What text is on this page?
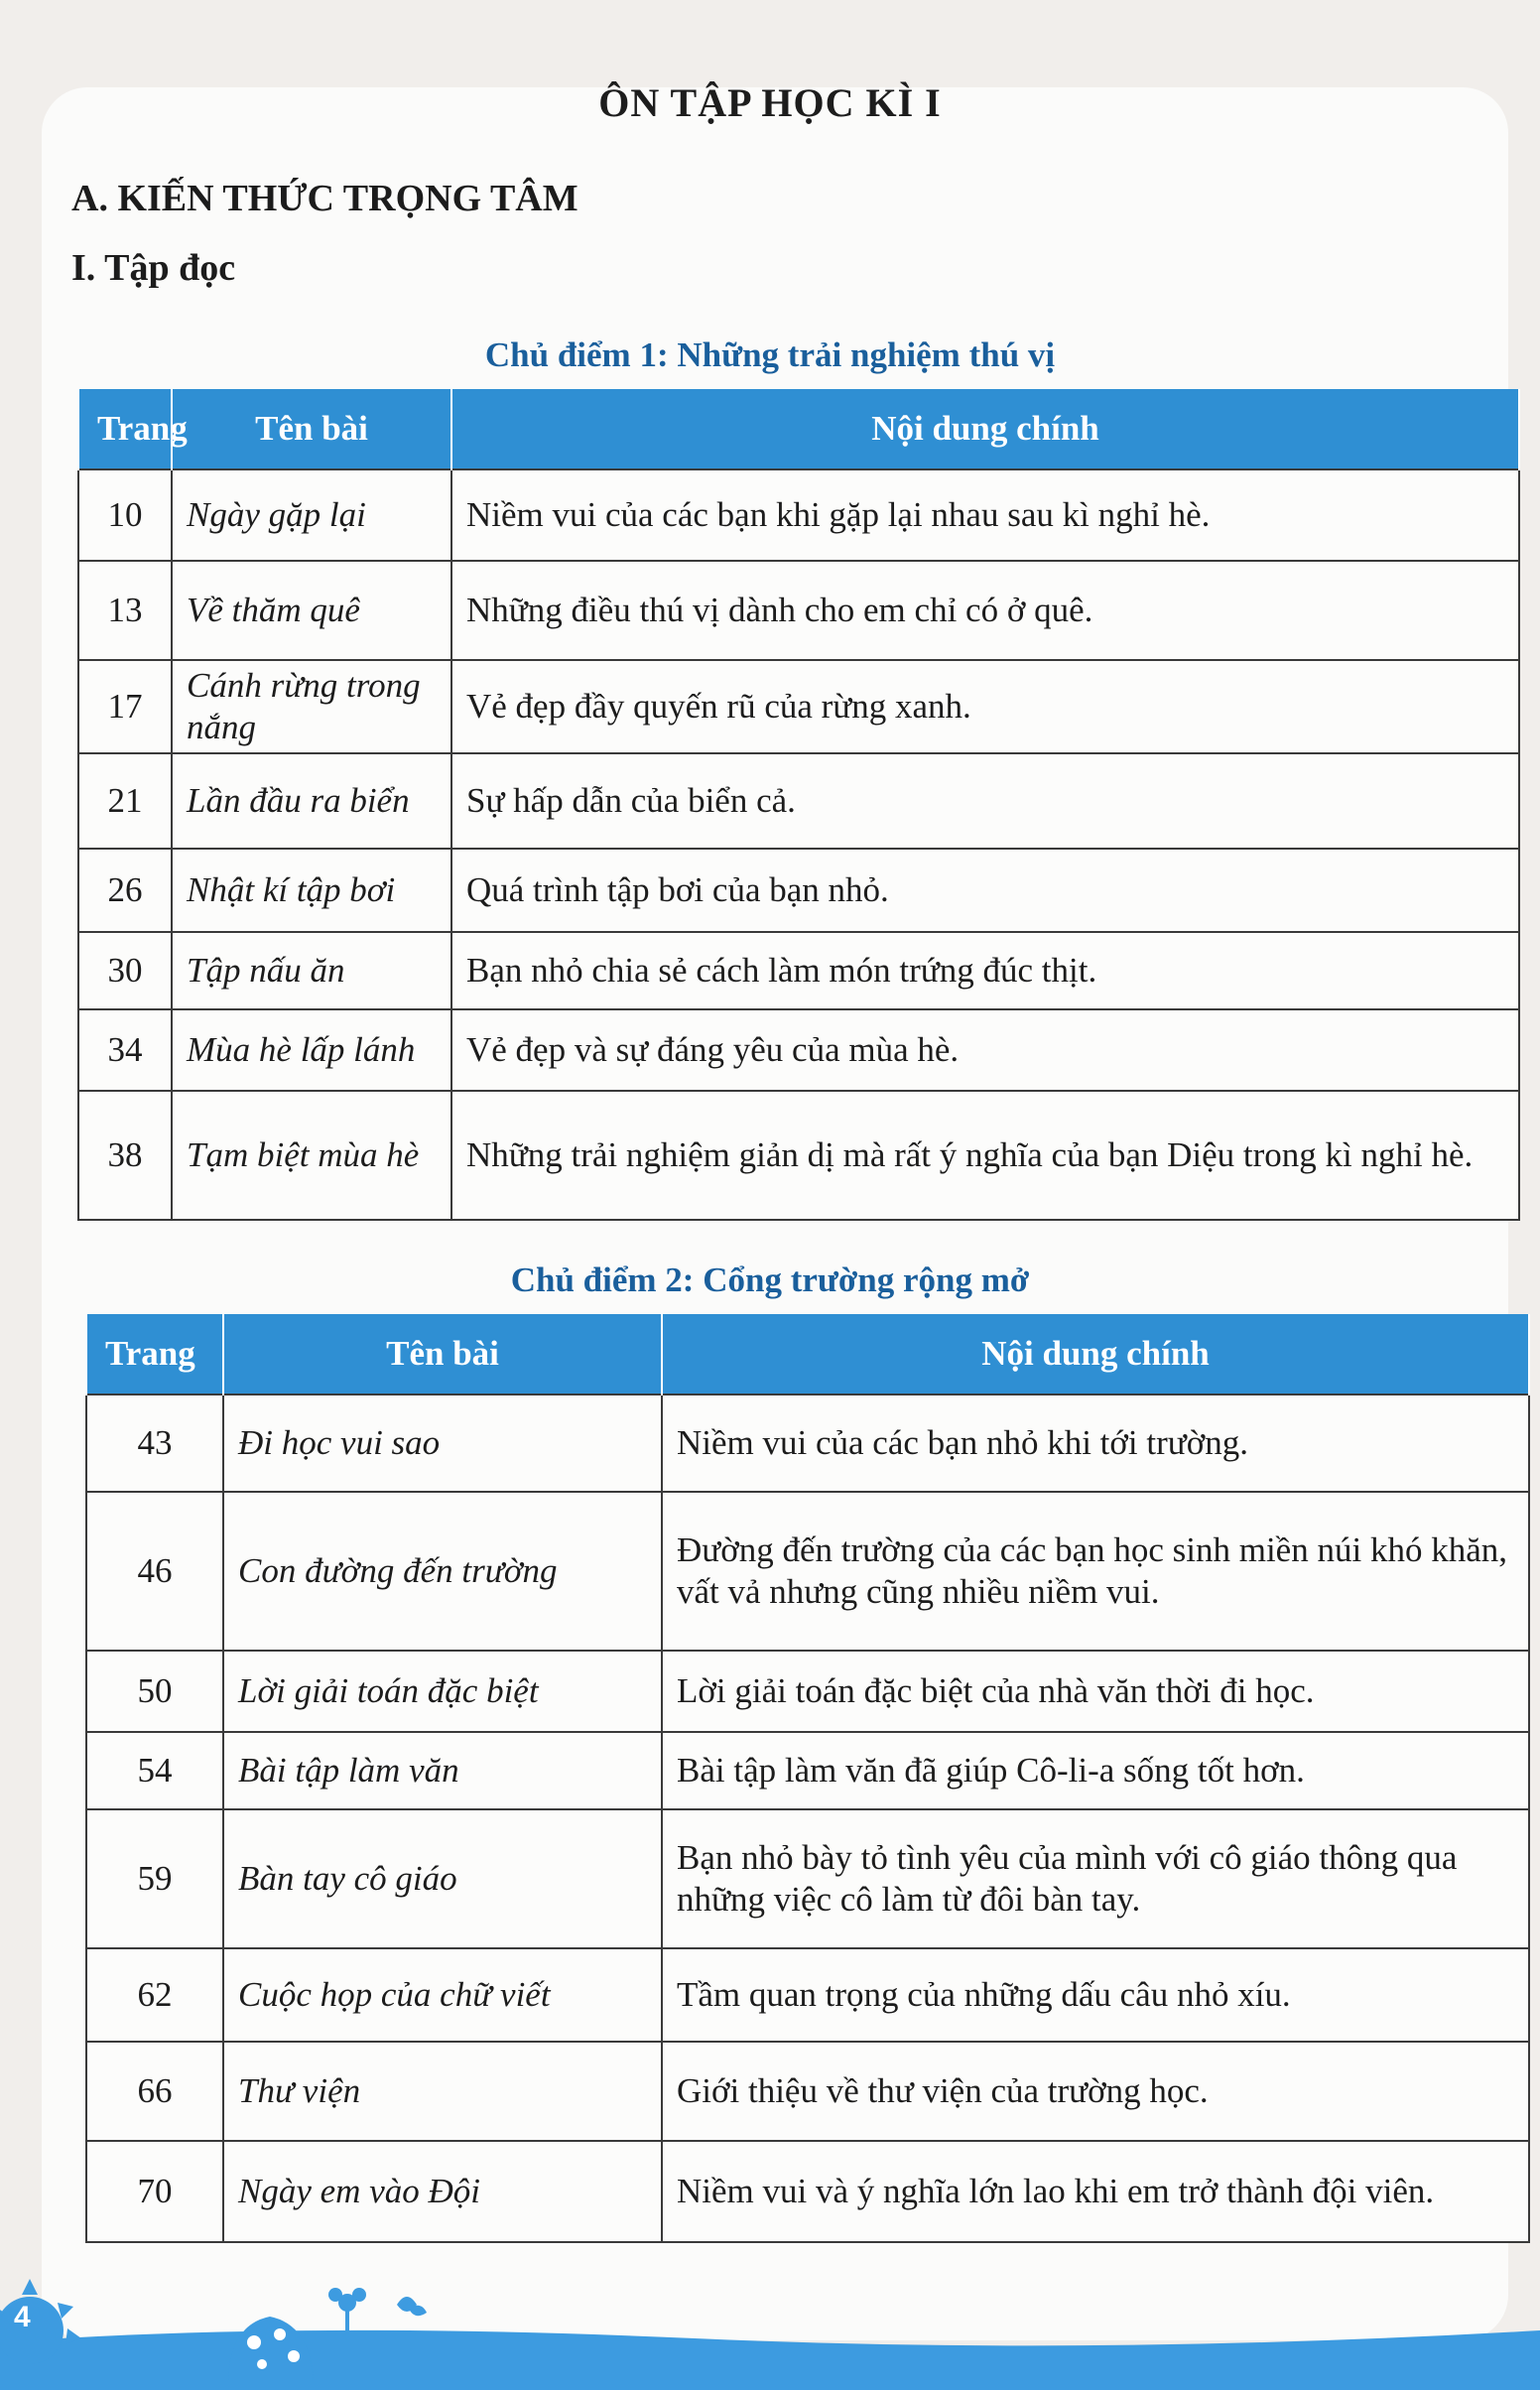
ÔN TẬP HỌC KÌ I
A. KIẾN THỨC TRỌNG TÂM
I. Tập đọc
Chủ điểm 1: Những trải nghiệm thú vị
Trang	Tên bài	Nội dung chính
10	Ngày gặp lại	Niềm vui của các bạn khi gặp lại nhau sau kì nghỉ hè.
13	Về thăm quê	Những điều thú vị dành cho em chỉ có ở quê.
17	Cánh rừng trong nắng	Vẻ đẹp đầy quyến rũ của rừng xanh.
21	Lần đầu ra biển	Sự hấp dẫn của biển cả.
26	Nhật kí tập bơi	Quá trình tập bơi của bạn nhỏ.
30	Tập nấu ăn	Bạn nhỏ chia sẻ cách làm món trứng đúc thịt.
34	Mùa hè lấp lánh	Vẻ đẹp và sự đáng yêu của mùa hè.
38	Tạm biệt mùa hè	Những trải nghiệm giản dị mà rất ý nghĩa của bạn Diệu trong kì nghỉ hè.
Chủ điểm 2: Cổng trường rộng mở
Trang	Tên bài	Nội dung chính
43	Đi học vui sao	Niềm vui của các bạn nhỏ khi tới trường.
46	Con đường đến trường	Đường đến trường của các bạn học sinh miền núi khó khăn, vất vả nhưng cũng nhiều niềm vui.
50	Lời giải toán đặc biệt	Lời giải toán đặc biệt của nhà văn thời đi học.
54	Bài tập làm văn	Bài tập làm văn đã giúp Cô-li-a sống tốt hơn.
59	Bàn tay cô giáo	Bạn nhỏ bày tỏ tình yêu của mình với cô giáo thông qua những việc cô làm từ đôi bàn tay.
62	Cuộc họp của chữ viết	Tầm quan trọng của những dấu câu nhỏ xíu.
66	Thư viện	Giới thiệu về thư viện của trường học.
70	Ngày em vào Đội	Niềm vui và ý nghĩa lớn lao khi em trở thành đội viên.
4
